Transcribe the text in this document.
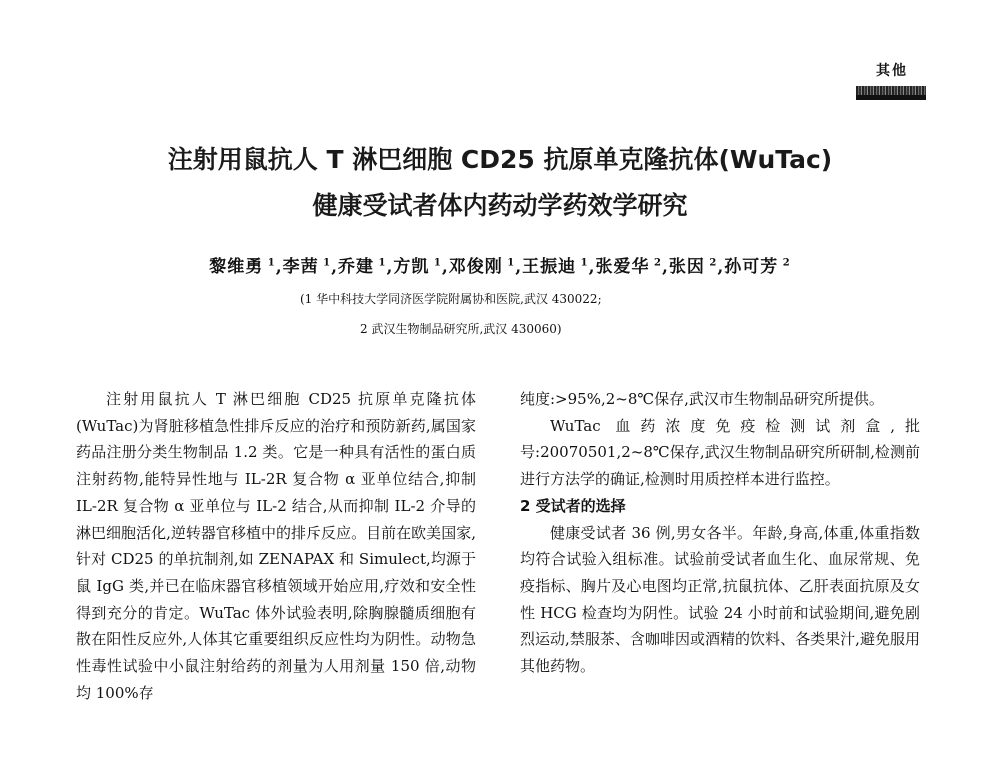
其他
注射用鼠抗人 T 淋巴细胞 CD25 抗原单克隆抗体(WuTac)
健康受试者体内药动学药效学研究
黎维勇 $^1$,李茜 $^1$,乔建 $^1$,方凯 $^1$,邓俊刚 $^1$,王振迪 $^1$,张爱华 $^2$,张因 $^2$,孙可芳 $^2$
(1 华中科技大学同济医学院附属协和医院,武汉 430022;
2 武汉生物制品研究所,武汉 430060)

注射用鼠抗人 T 淋巴细胞 CD25 抗原单克隆抗体(WuTac)为肾脏移植急性排斥反应的治疗和预防新药,属国家药品注册分类生物制品 1.2 类。它是一种具有活性的蛋白质注射药物,能特异性地与 IL-2R 复合物 α 亚单位结合,抑制 IL-2R 复合物 α 亚单位与 IL-2 结合,从而抑制 IL-2 介导的淋巴细胞活化,逆转器官移植中的排斥反应。目前在欧美国家,针对 CD25 的单抗制剂,如 ZENAPAX 和 Simulect,均源于鼠 IgG 类,并已在临床器官移植领域开始应用,疗效和安全性得到充分的肯定。WuTac 体外试验表明,除胸腺髓质细胞有散在阳性反应外,人体其它重要组织反应性均为阴性。动物急性毒性试验中小鼠注射给药的剂量为人用剂量 150 倍,动物均 100%存

纯度:>95%,2~8℃保存,武汉市生物制品研究所提供。

WuTac 血药浓度免疫检测试剂盒,批号:20070501,2~8℃保存,武汉生物制品研究所研制,检测前进行方法学的确证,检测时用质控样本进行监控。

2 受试者的选择

健康受试者 36 例,男女各半。年龄,身高,体重,体重指数均符合试验入组标准。试验前受试者血生化、血尿常规、免疫指标、胸片及心电图均正常,抗鼠抗体、乙肝表面抗原及女性 HCG 检查均为阴性。试验 24 小时前和试验期间,避免剧烈运动,禁服茶、含咖啡因或酒精的饮料、各类果汁,避免服用其他药物。
